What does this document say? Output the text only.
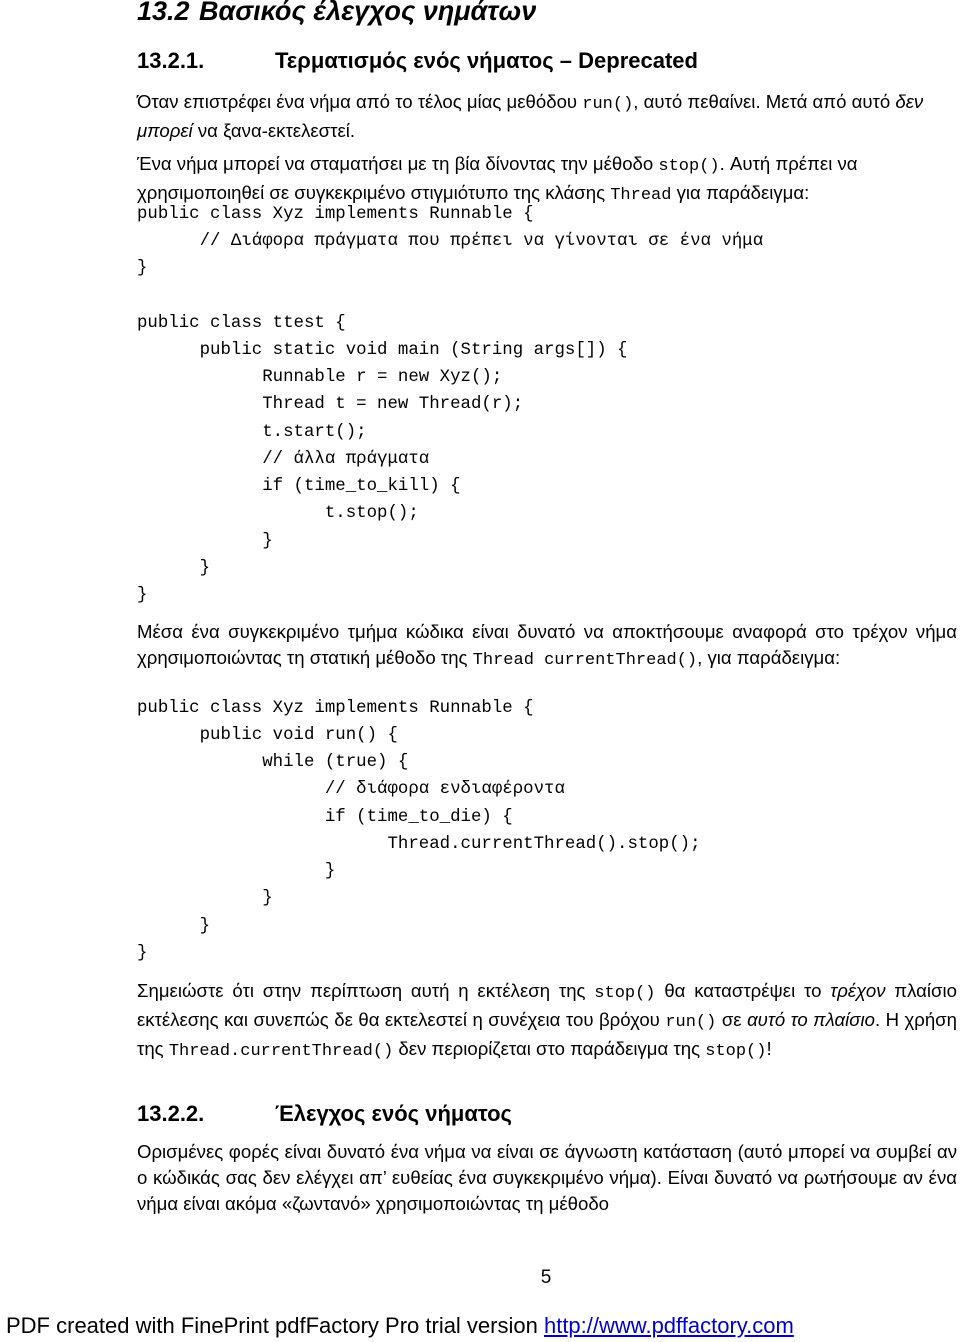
13.2 Βασικός έλεγχος νημάτων
13.2.1.	Τερματισμός ενός νήματος – Deprecated
Όταν επιστρέφει ένα νήμα από το τέλος μίας μεθόδου run(), αυτό πεθαίνει. Μετά από αυτό δεν μπορεί να ξανα-εκτελεστεί.
Ένα νήμα μπορεί να σταματήσει με τη βία δίνοντας την μέθοδο stop(). Αυτή πρέπει να χρησιμοποιηθεί σε συγκεκριμένο στιγμιότυπο της κλάσης Thread για παράδειγμα:
public class Xyz implements Runnable {
// Διάφορα πράγματα που πρέπει να γίνονται σε ένα νήμα
}
public class ttest {
public static void main (String args[]) {
Runnable r = new Xyz();
Thread t = new Thread(r);
t.start();
// άλλα πράγματα
if (time_to_kill) {
t.stop();
}
}
}
Μέσα ένα συγκεκριμένο τμήμα κώδικα είναι δυνατό να αποκτήσουμε αναφορά στο τρέχον νήμα χρησιμοποιώντας τη στατική μέθοδο της Thread currentThread(), για παράδειγμα:
public class Xyz implements Runnable {
public void run() {
while (true) {
// διάφορα ενδιαφέροντα
if (time_to_die) {
Thread.currentThread().stop();
}
}
}
}
Σημειώστε ότι στην περίπτωση αυτή η εκτέλεση της stop() θα καταστρέψει το τρέχον πλαίσιο εκτέλεσης και συνεπώς δε θα εκτελεστεί η συνέχεια του βρόχου run() σε αυτό το πλαίσιο. Η χρήση της Thread.currentThread() δεν περιορίζεται στο παράδειγμα της stop()!
13.2.2.	Έλεγχος ενός νήματος
Ορισμένες φορές είναι δυνατό ένα νήμα να είναι σε άγνωστη κατάσταση (αυτό μπορεί να συμβεί αν ο κώδικάς σας δεν ελέγχει απ’ ευθείας ένα συγκεκριμένο νήμα). Είναι δυνατό να ρωτήσουμε αν ένα νήμα είναι ακόμα «ζωντανό» χρησιμοποιώντας τη μέθοδο
5
PDF created with FinePrint pdfFactory Pro trial version http://www.pdffactory.com
